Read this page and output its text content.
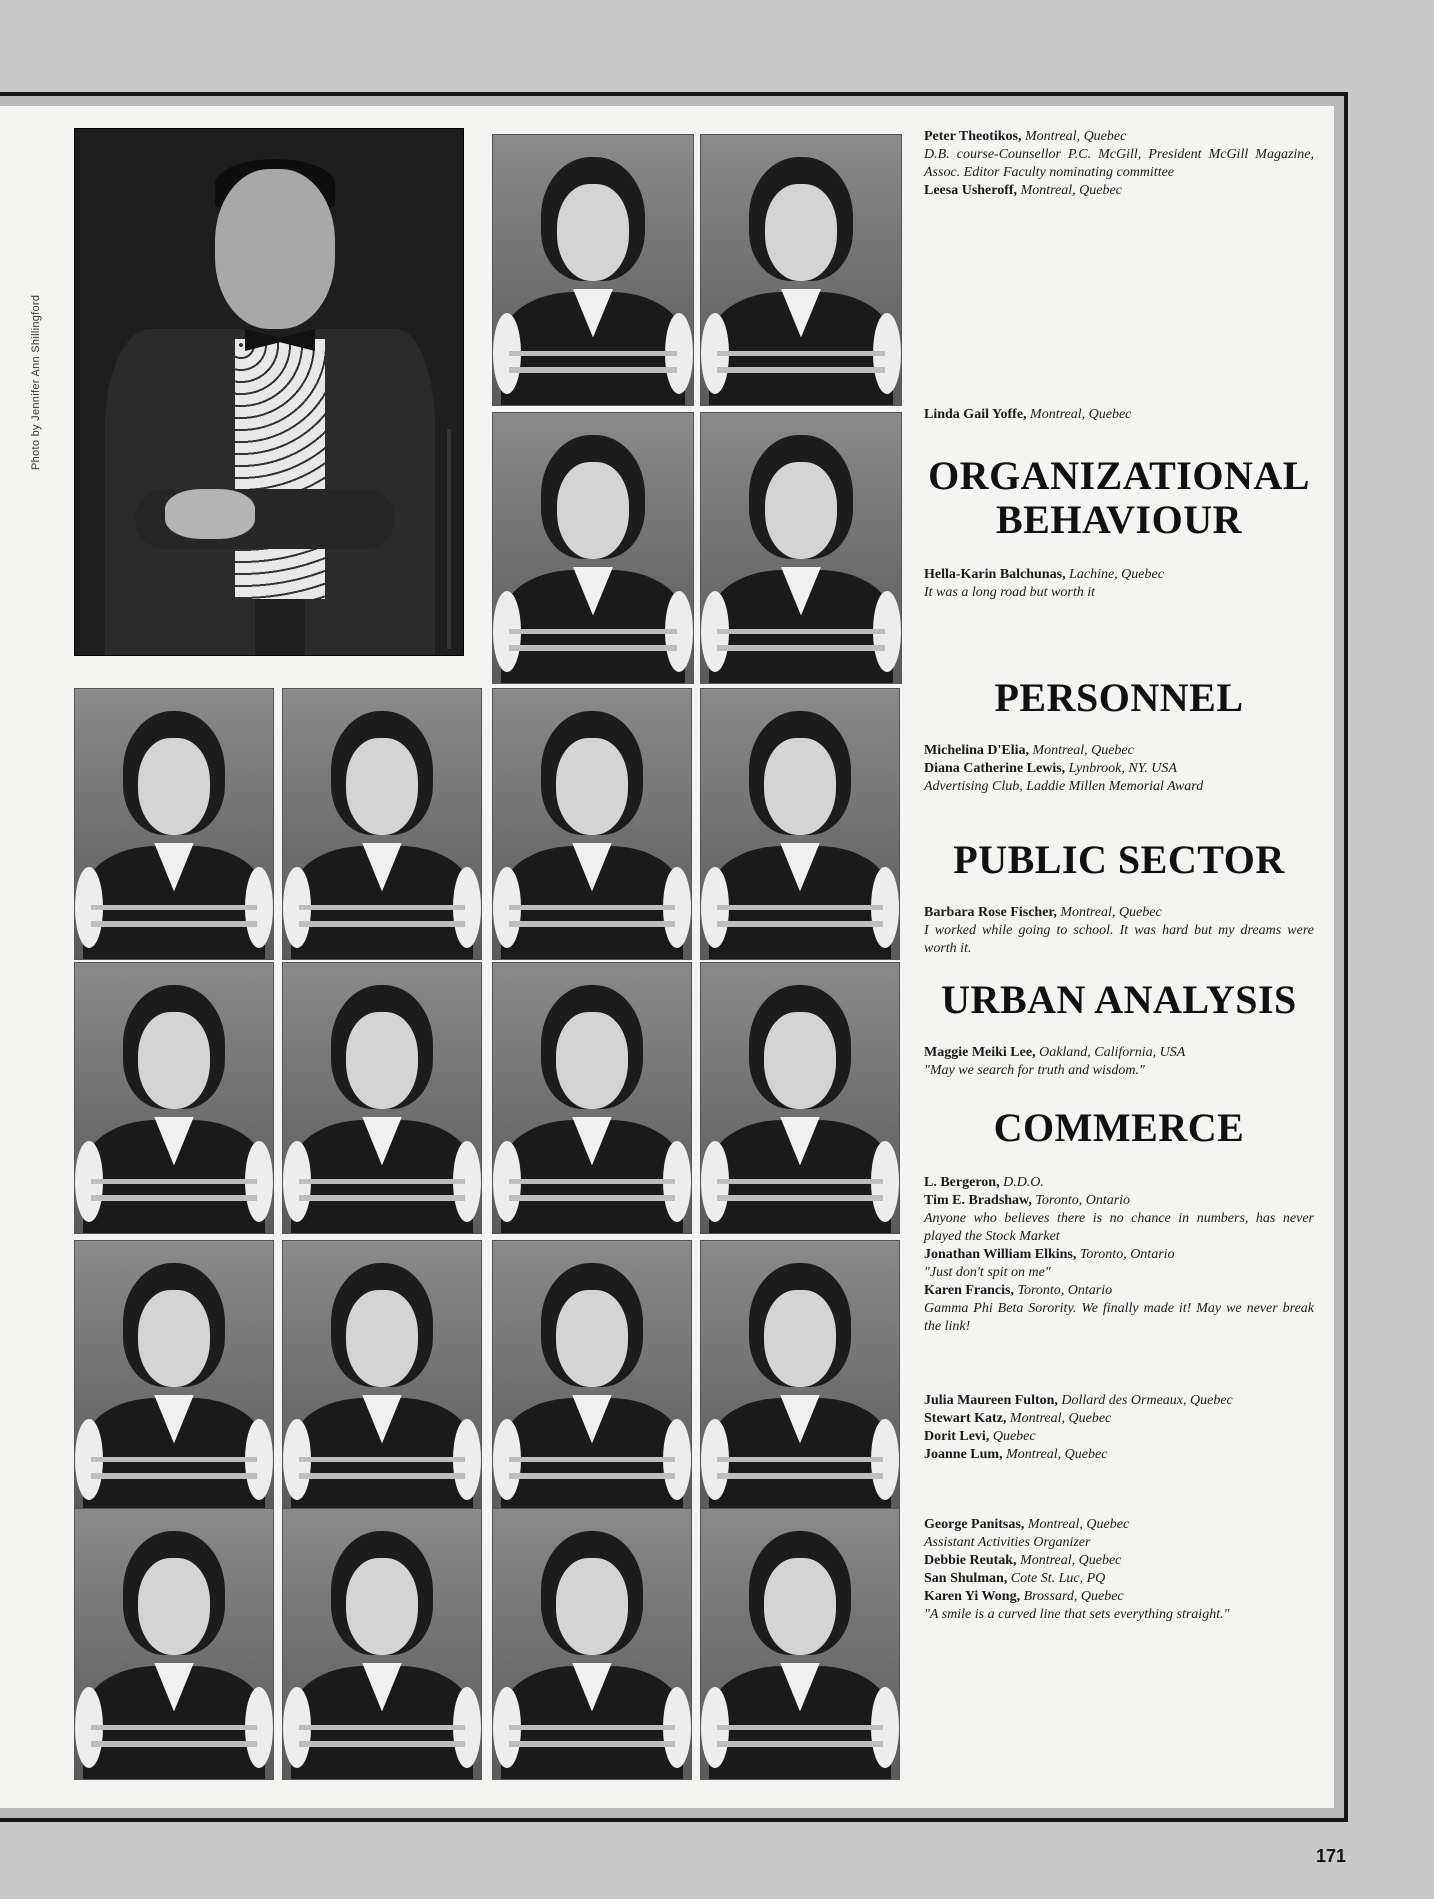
Photo by Jennifer Ann Shillingford

Peter Theotikos, Montreal, Quebec
D.B. course-Counsellor P.C. McGill, President McGill Magazine, Assoc. Editor Faculty nominating committee

Leesa Usheroff, Montreal, Quebec

Linda Gail Yoffe, Montreal, Quebec
ORGANIZATIONAL BEHAVIOUR
Hella-Karin Balchunas, Lachine, Quebec
It was a long road but worth it
PERSONNEL
Michelina D'Elia, Montreal, Quebec
Diana Catherine Lewis, Lynbrook, NY. USA
Advertising Club, Laddie Millen Memorial Award
PUBLIC SECTOR
Barbara Rose Fischer, Montreal, Quebec
I worked while going to school. It was hard but my dreams were worth it.
URBAN ANALYSIS
Maggie Meiki Lee, Oakland, California, USA
"May we search for truth and wisdom."
COMMERCE
L. Bergeron, D.D.O.
Tim E. Bradshaw, Toronto, Ontario
Anyone who believes there is no chance in numbers, has never played the Stock Market
Jonathan William Elkins, Toronto, Ontario
"Just don't spit on me"
Karen Francis, Toronto, Ontario
Gamma Phi Beta Sorority. We finally made it! May we never break the link!
Julia Maureen Fulton, Dollard des Ormeaux, Quebec
Stewart Katz, Montreal, Quebec
Dorit Levi, Quebec
Joanne Lum, Montreal, Quebec
George Panitsas, Montreal, Quebec
Assistant Activities Organizer
Debbie Reutak, Montreal, Quebec
San Shulman, Cote St. Luc, PQ
Karen Yi Wong, Brossard, Quebec
"A smile is a curved line that sets everything straight."
171
